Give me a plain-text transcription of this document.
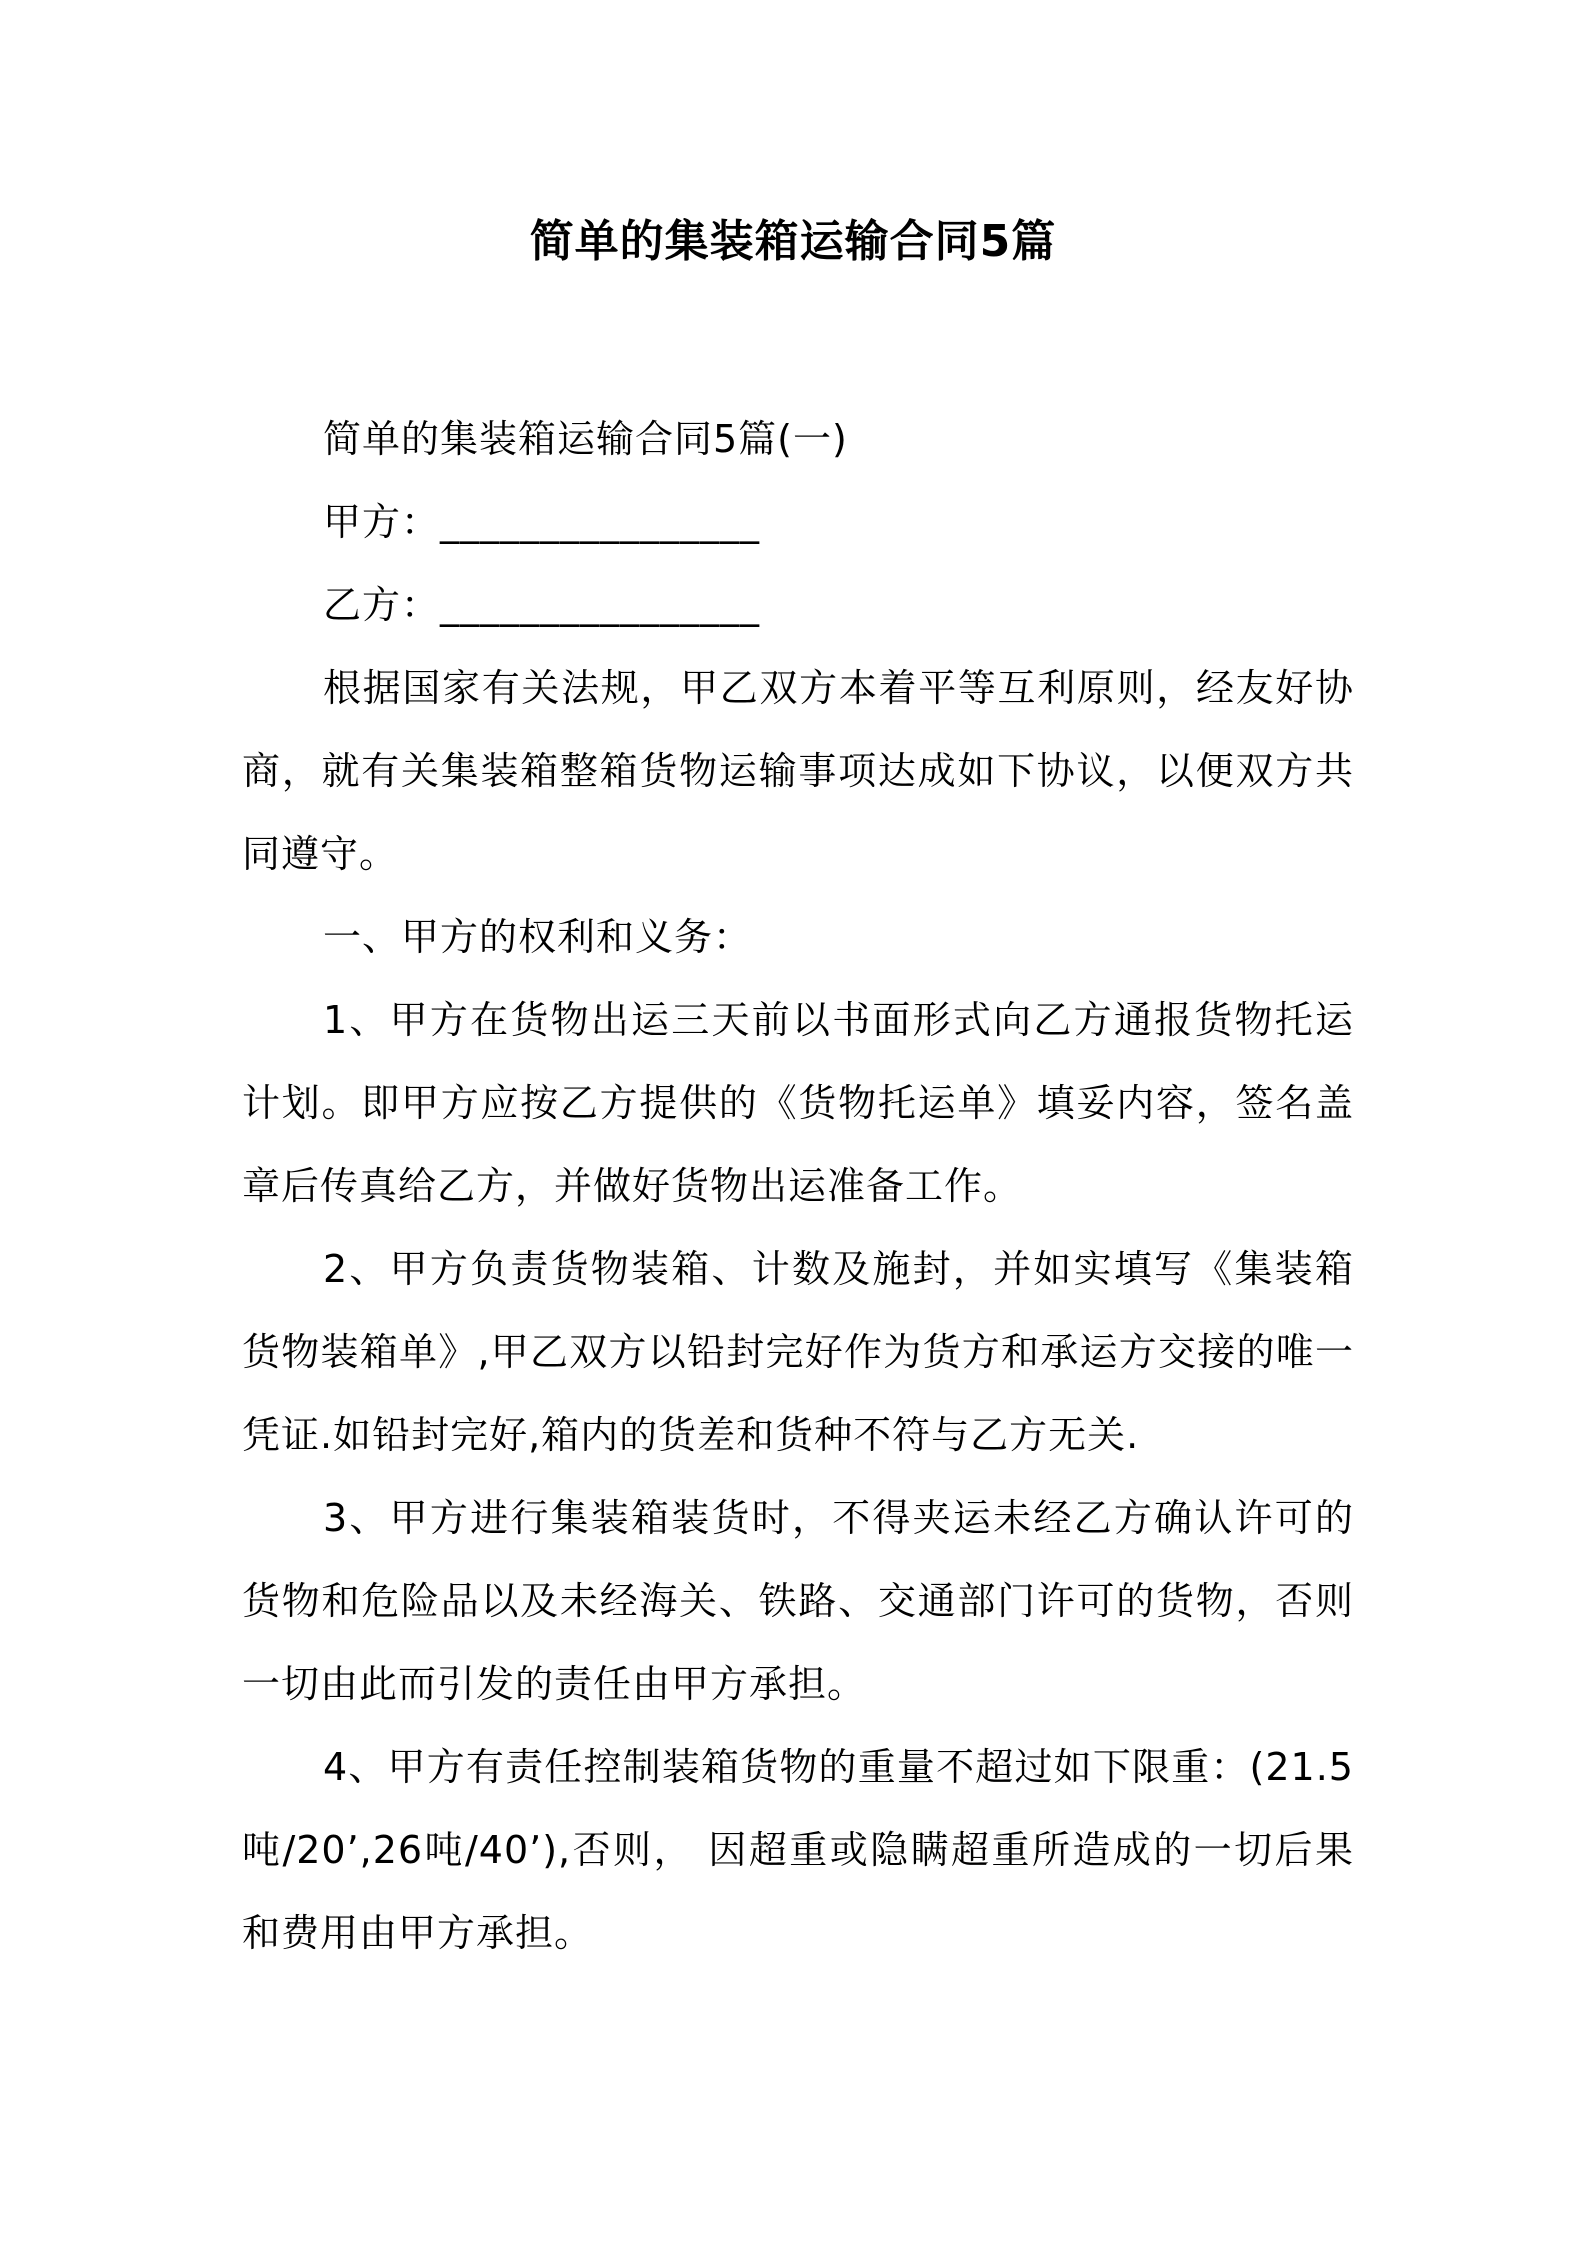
简单的集装箱运输合同5篇

简单的集装箱运输合同5篇(一)

甲方：________________

乙方：________________

根据国家有关法规，甲乙双方本着平等互利原则，经友好协商，就有关集装箱整箱货物运输事项达成如下协议，以便双方共同遵守。

一、甲方的权利和义务：

1、甲方在货物出运三天前以书面形式向乙方通报货物托运计划。即甲方应按乙方提供的《货物托运单》填妥内容，签名盖章后传真给乙方，并做好货物出运准备工作。

2、甲方负责货物装箱、计数及施封，并如实填写《集装箱货物装箱单》,甲乙双方以铅封完好作为货方和承运方交接的唯一凭证.如铅封完好,箱内的货差和货种不符与乙方无关.

3、甲方进行集装箱装货时，不得夹运未经乙方确认许可的货物和危险品以及未经海关、铁路、交通部门许可的货物，否则一切由此而引发的责任由甲方承担。

4、甲方有责任控制装箱货物的重量不超过如下限重：(21.5吨/20’,26吨/40’),否则， 因超重或隐瞒超重所造成的一切后果和费用由甲方承担。
